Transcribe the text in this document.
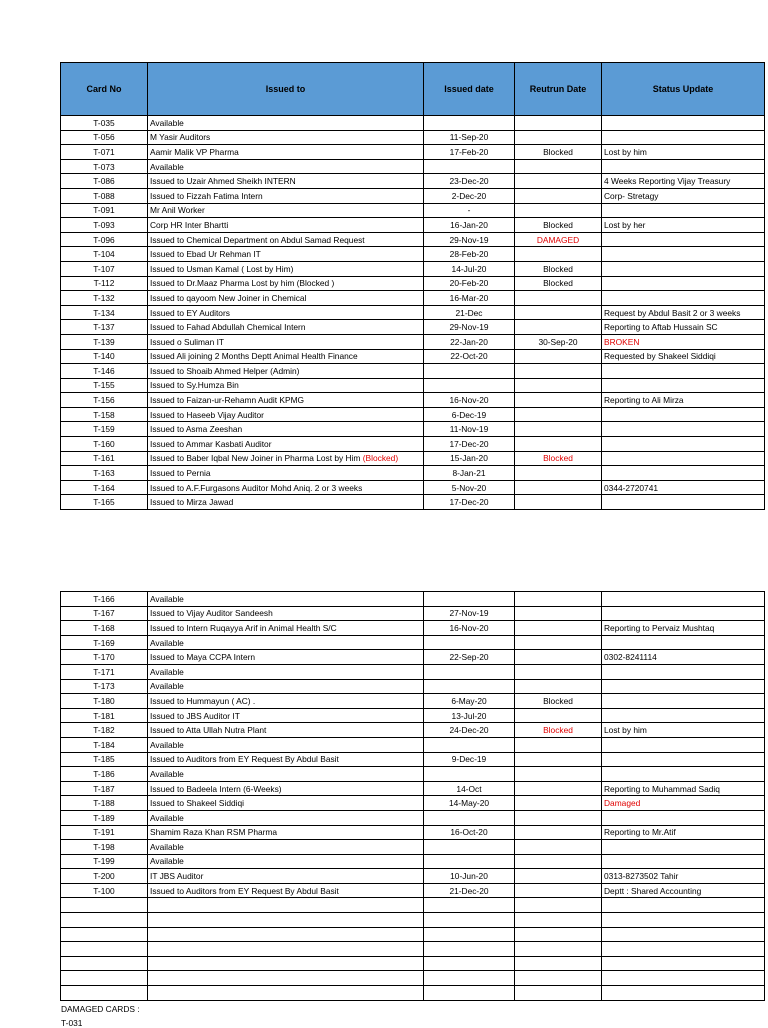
Card No	Issued to	Issued date	Reutrun Date	Status Update
T-035	Available			
T-056	M Yasir Auditors	11-Sep-20		
T-071	Aamir Malik VP Pharma	17-Feb-20	Blocked	Lost by him
T-073	Available			
T-086	Issued to Uzair Ahmed Sheikh INTERN	23-Dec-20		4 Weeks Reporting Vijay Treasury
T-088	Issued to Fizzah Fatima Intern	2-Dec-20		Corp- Stretagy
T-091	Mr Anil Worker	-		
T-093	Corp HR Inter Bhartti	16-Jan-20	Blocked	Lost by her
T-096	Issued to Chemical Department on Abdul Samad Request	29-Nov-19	DAMAGED	
T-104	Issued to Ebad Ur Rehman IT	28-Feb-20		
T-107	Issued to Usman Kamal ( Lost by Him)	14-Jul-20	Blocked	
T-112	Issued to Dr.Maaz Pharma Lost by him (Blocked )	20-Feb-20	Blocked	
T-132	Issued to qayoom New Joiner in Chemical	16-Mar-20		
T-134	Issued to EY Auditors	21-Dec		Request by Abdul Basit 2 or 3 weeks
T-137	Issued to Fahad Abdullah Chemical Intern	29-Nov-19		Reporting to Aftab Hussain SC
T-139	Issued o Suliman IT	22-Jan-20	30-Sep-20	BROKEN
T-140	Issued Ali joining 2 Months Deptt Animal Health Finance	22-Oct-20		Requested by Shakeel Siddiqi
T-146	Issued to Shoaib Ahmed Helper (Admin)			
T-155	Issued to Sy.Humza Bin			
T-156	Issued to Faizan-ur-Rehamn Audit KPMG	16-Nov-20		Reporting to Ali Mirza
T-158	Issued to Haseeb Vijay Auditor	6-Dec-19		
T-159	Issued to Asma Zeeshan	11-Nov-19		
T-160	Issued to Ammar Kasbati Auditor	17-Dec-20		
T-161	Issued to Baber Iqbal New Joiner in Pharma Lost by Him (Blocked)	15-Jan-20	Blocked	
T-163	Issued to Pernia	8-Jan-21		
T-164	Issued to A.F.Furgasons Auditor Mohd Aniq. 2 or 3 weeks	5-Nov-20		0344-2720741
T-165	Issued to Mirza Jawad	17-Dec-20		
T-166	Available			
T-167	Issued to Vijay Auditor Sandeesh	27-Nov-19		
T-168	Issued to Intern Ruqayya Arif in Animal Health S/C	16-Nov-20		Reporting to Pervaiz Mushtaq
T-169	Available			
T-170	Issued to Maya CCPA Intern	22-Sep-20		0302-8241114
T-171	Available			
T-173	Available			
T-180	Issued to Hummayun ( AC) .	6-May-20	Blocked	
T-181	Issued to JBS Auditor IT	13-Jul-20		
T-182	Issued to Atta Ullah Nutra Plant	24-Dec-20	Blocked	Lost by him
T-184	Available			
T-185	Issued to Auditors from EY Request By Abdul Basit	9-Dec-19		
T-186	Available			
T-187	Issued to Badeela Intern (6-Weeks)	14-Oct		Reporting to Muhammad Sadiq
T-188	Issued to Shakeel Siddiqi	14-May-20		Damaged
T-189	Available			
T-191	Shamim Raza Khan RSM Pharma	16-Oct-20		Reporting to Mr.Atif
T-198	Available			
T-199	Available			
T-200	IT JBS Auditor	10-Jun-20		0313-8273502 Tahir
T-100	Issued to Auditors from EY Request By Abdul Basit	21-Dec-20		Deptt : Shared Accounting

DAMAGED CARDS :
T-031
